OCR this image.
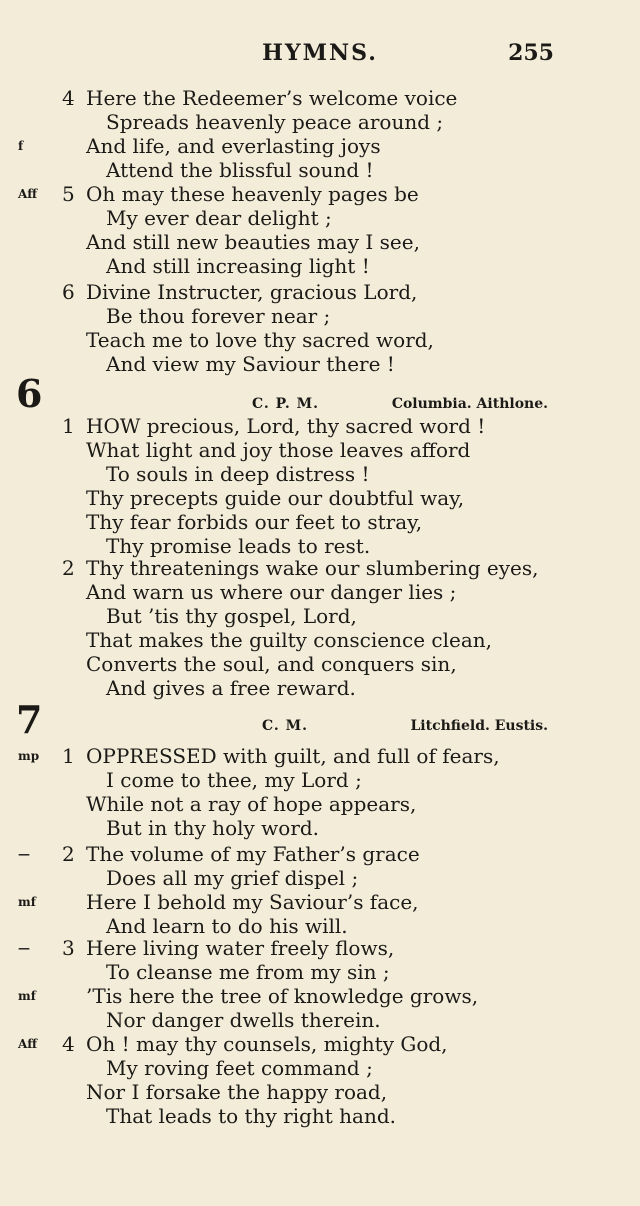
HYMNS.	255
4 Here the Redeemer’s welcome voice
Spreads heavenly peace around ;
f	And life, and everlasting joys
Attend the blissful sound !
Aff 5 Oh may these heavenly pages be
My ever dear delight ;
And still new beauties may I see,
And still increasing light !
6 Divine Instructer, gracious Lord,
Be thou forever near ;
Teach me to love thy sacred word,
And view my Saviour there !
6	C. P. M.	Columbia. Aithlone.
1 HOW precious, Lord, thy sacred word !
What light and joy those leaves afford
To souls in deep distress !
Thy precepts guide our doubtful way,
Thy fear forbids our feet to stray,
Thy promise leads to rest.
2 Thy threatenings wake our slumbering eyes,
And warn us where our danger lies ;
But ’tis thy gospel, Lord,
That makes the guilty conscience clean,
Converts the soul, and conquers sin,
And gives a free reward.
7	C. M.	Litchfield. Eustis.
mp 1 OPPRESSED with guilt, and full of fears,
I come to thee, my Lord ;
While not a ray of hope appears,
But in thy holy word.
— 2 The volume of my Father’s grace
Does all my grief dispel ;
mf	Here I behold my Saviour’s face,
And learn to do his will.
— 3 Here living water freely flows,
To cleanse me from my sin ;
mf	’Tis here the tree of knowledge grows,
Nor danger dwells therein.
Aff 4 Oh ! may thy counsels, mighty God,
My roving feet command ;
Nor I forsake the happy road,
That leads to thy right hand.
